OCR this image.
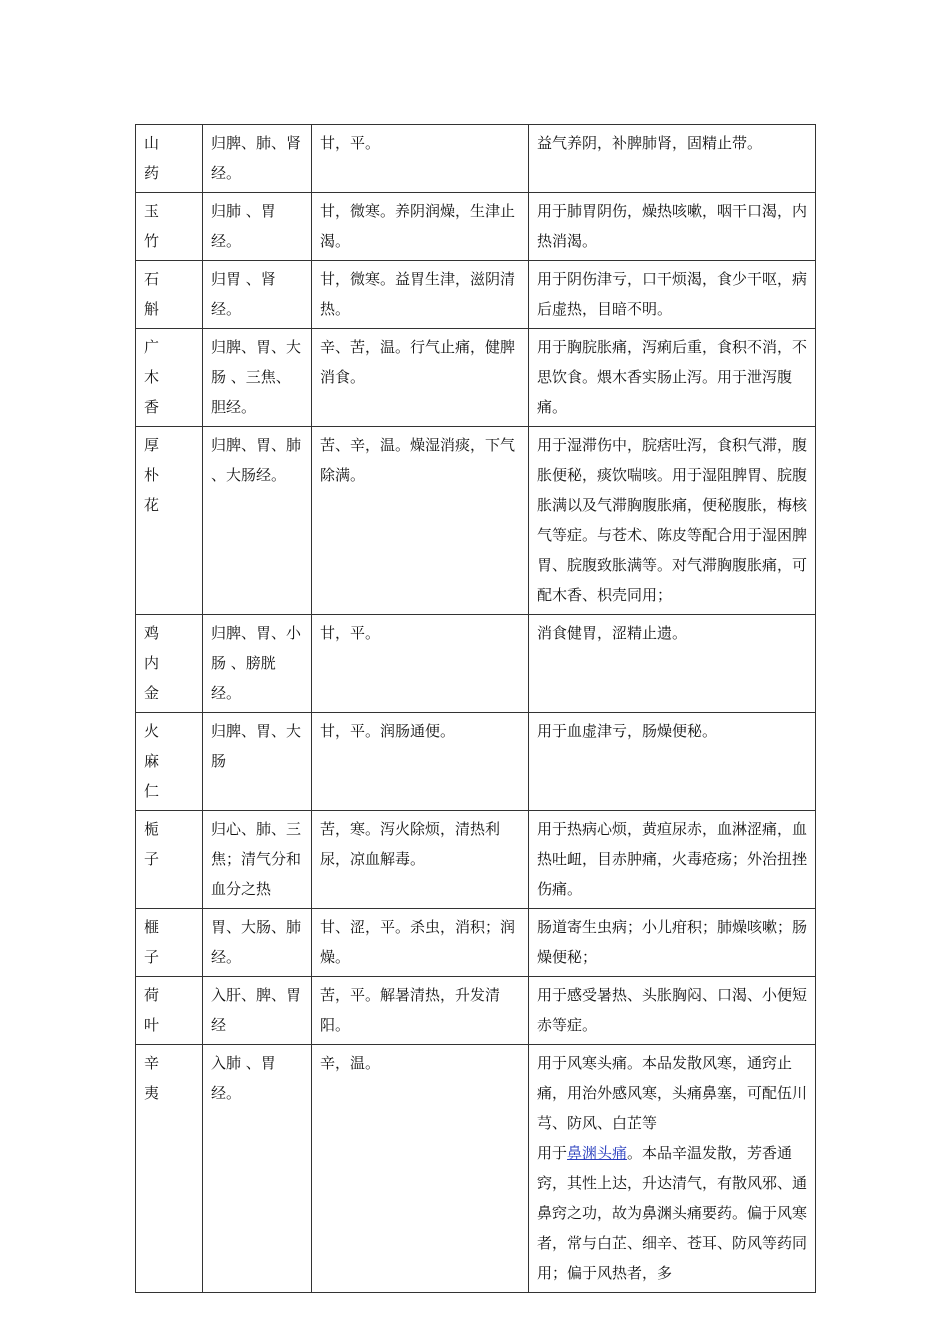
山
药	归脾、肺、肾经。	甘，平。	益气养阴，补脾肺肾，固精止带。

玉
竹	归肺 、胃经。	甘，微寒。养阴润燥，生津止渴。	用于肺胃阴伤，燥热咳嗽，咽干口渴，内热消渴。

石
斛	归胃 、肾经。	甘，微寒。益胃生津，滋阴清热。	用于阴伤津亏，口干烦渴，食少干呕，病后虚热，目暗不明。

广
木
香	归脾、胃、大肠 、三焦、胆经。	辛、苦，温。行气止痛，健脾消食。	用于胸脘胀痛，泻痢后重，食积不消，不思饮食。煨木香实肠止泻。用于泄泻腹痛。

厚
朴
花	归脾、胃、肺 、大肠经。	苦、辛，温。燥湿消痰，下气除满。	用于湿滞伤中，脘痞吐泻，食积气滞，腹胀便秘，痰饮喘咳。用于湿阻脾胃、脘腹胀满以及气滞胸腹胀痛，便秘腹胀，梅核气等症。与苍术、陈皮等配合用于湿困脾胃、脘腹致胀满等。对气滞胸腹胀痛，可配木香、枳壳同用；

鸡
内
金	归脾、胃、小肠 、膀胱经。	甘，平。	消食健胃，涩精止遗。

火
麻
仁	归脾、胃、大肠	甘，平。润肠通便。	用于血虚津亏，肠燥便秘。

栀
子	归心、肺、三焦；清气分和血分之热	苦，寒。泻火除烦，清热利尿，凉血解毒。	用于热病心烦，黄疸尿赤，血淋涩痛，血热吐衄，目赤肿痛，火毒疮疡；外治扭挫伤痛。

榧
子	胃、大肠、肺经。	甘、涩，平。杀虫，消积；润燥。	肠道寄生虫病；小儿疳积；肺燥咳嗽；肠燥便秘；

荷
叶	入肝、脾、胃经	苦，平。解暑清热，升发清阳。	用于感受暑热、头胀胸闷、口渴、小便短赤等症。

辛
夷	入肺 、胃经。	辛，温。	用于风寒头痛。本品发散风寒，通窍止痛，用治外感风寒，头痛鼻塞，可配伍川芎、防风、白芷等
用于鼻渊头痛。本品辛温发散，芳香通窍，其性上达，升达清气，有散风邪、通鼻窍之功，故为鼻渊头痛要药。偏于风寒者，常与白芷、细辛、苍耳、防风等药同用；偏于风热者，多
